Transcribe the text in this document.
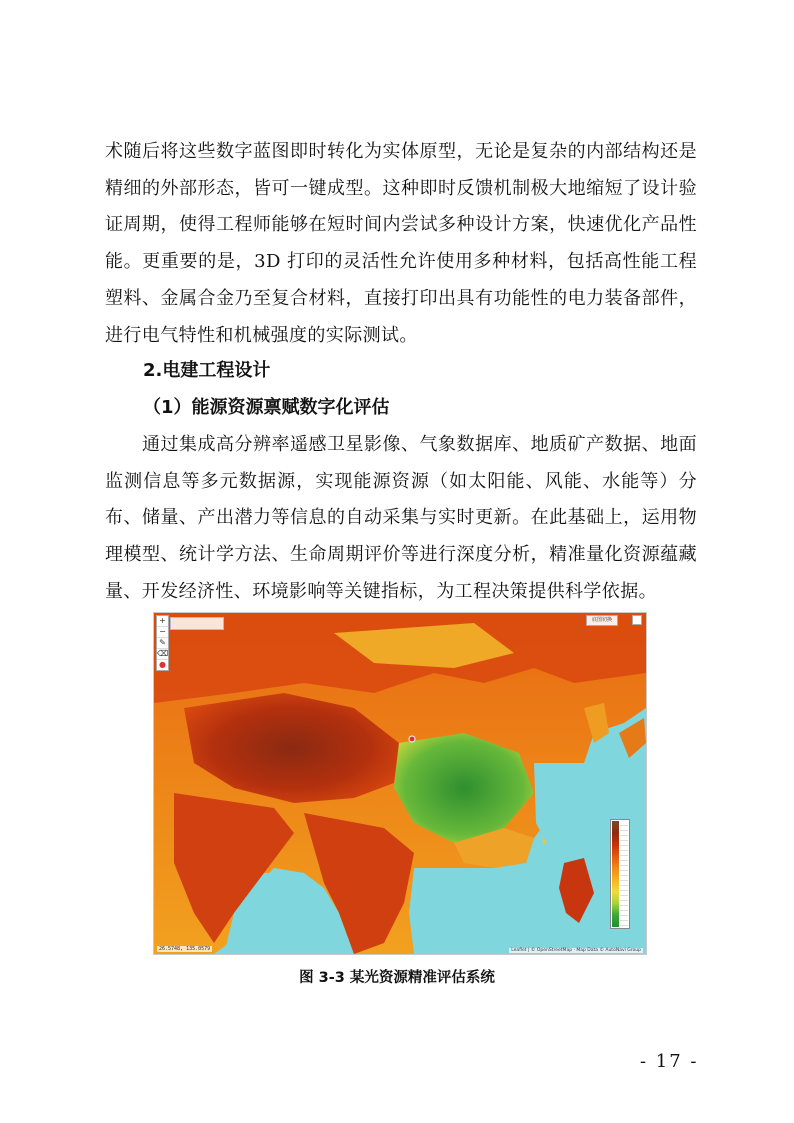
术随后将这些数字蓝图即时转化为实体原型，无论是复杂的内部结构还是精细的外部形态，皆可一键成型。这种即时反馈机制极大地缩短了设计验证周期，使得工程师能够在短时间内尝试多种设计方案，快速优化产品性能。更重要的是，3D 打印的灵活性允许使用多种材料，包括高性能工程塑料、金属合金乃至复合材料，直接打印出具有功能性的电力装备部件，进行电气特性和机械强度的实际测试。

2.电建工程设计

（1）能源资源禀赋数字化评估

通过集成高分辨率遥感卫星影像、气象数据库、地质矿产数据、地面监测信息等多元数据源，实现能源资源（如太阳能、风能、水能等）分布、储量、产出潜力等信息的自动采集与实时更新。在此基础上，运用物理模型、统计学方法、生命周期评价等进行深度分析，精准量化资源蕴藏量、开发经济性、环境影响等关键指标，为工程决策提供科学依据。

+
−
✎
⌫
●
底图切换
26.5748, 135.0579	Leaflet | © OpenStreetMap · Map Data © AutoNavi Group

图 3-3 某光资源精准评估系统

- 17 -
